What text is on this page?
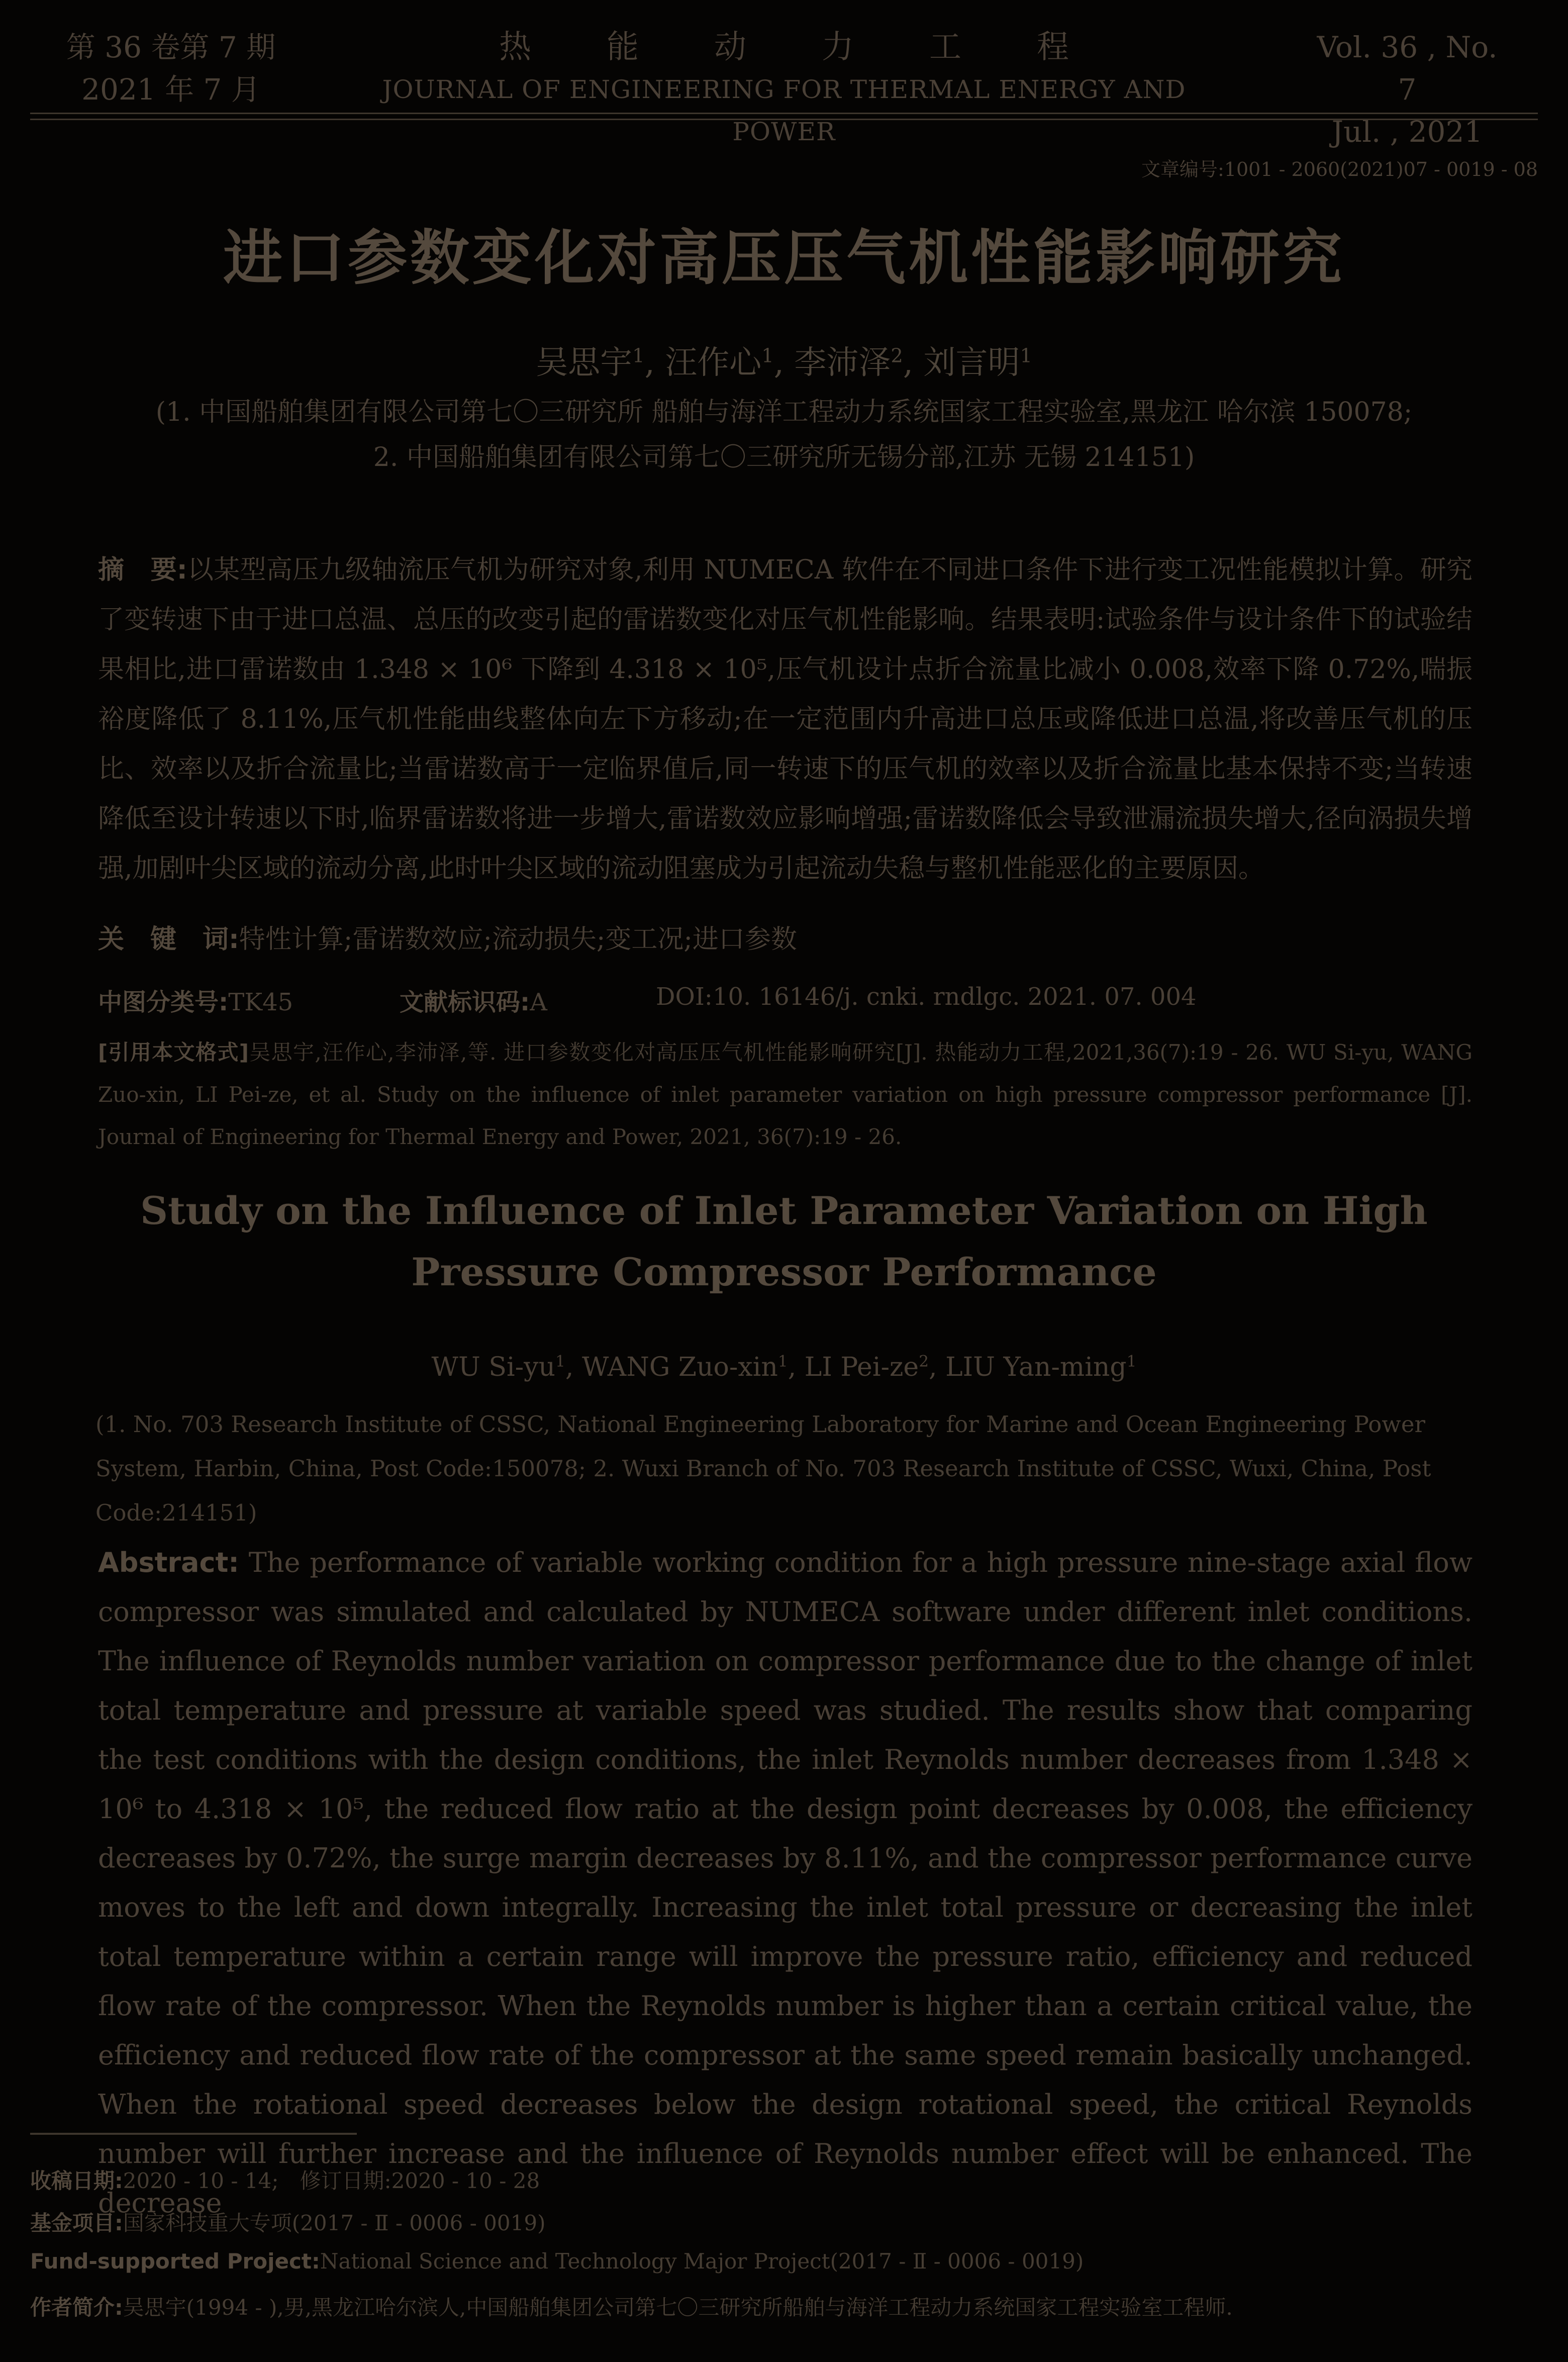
第 36 卷第 7 期
2021 年 7 月
热能动力工程
JOURNAL OF ENGINEERING FOR THERMAL ENERGY AND POWER
Vol. 36 , No. 7
Jul. , 2021
文章编号:1001 - 2060(2021)07 - 0019 - 08
进口参数变化对高压压气机性能影响研究
吴思宇$^1$, 汪作心$^1$, 李沛泽$^2$, 刘言明$^1$
(1. 中国船舶集团有限公司第七〇三研究所 船舶与海洋工程动力系统国家工程实验室,黑龙江 哈尔滨 150078;
2. 中国船舶集团有限公司第七〇三研究所无锡分部,江苏 无锡 214151)
摘　要:以某型高压九级轴流压气机为研究对象,利用 NUMECA 软件在不同进口条件下进行变工况性能模拟计算。研究了变转速下由于进口总温、总压的改变引起的雷诺数变化对压气机性能影响。结果表明:试验条件与设计条件下的试验结果相比,进口雷诺数由 1.348 × 10⁶ 下降到 4.318 × 10⁵,压气机设计点折合流量比减小 0.008,效率下降 0.72%,喘振裕度降低了 8.11%,压气机性能曲线整体向左下方移动;在一定范围内升高进口总压或降低进口总温,将改善压气机的压比、效率以及折合流量比;当雷诺数高于一定临界值后,同一转速下的压气机的效率以及折合流量比基本保持不变;当转速降低至设计转速以下时,临界雷诺数将进一步增大,雷诺数效应影响增强;雷诺数降低会导致泄漏流损失增大,径向涡损失增强,加剧叶尖区域的流动分离,此时叶尖区域的流动阻塞成为引起流动失稳与整机性能恶化的主要原因。
关　键　词:特性计算;雷诺数效应;流动损失;变工况;进口参数
中图分类号:TK45	文献标识码:A	DOI:10. 16146/j. cnki. rndlgc. 2021. 07. 004
[引用本文格式]吴思宇,汪作心,李沛泽,等. 进口参数变化对高压压气机性能影响研究[J]. 热能动力工程,2021,36(7):19 - 26. WU Si-yu, WANG Zuo-xin, LI Pei-ze, et al. Study on the influence of inlet parameter variation on high pressure compressor performance [J]. Journal of Engineering for Thermal Energy and Power, 2021, 36(7):19 - 26.
Study on the Influence of Inlet Parameter Variation on High
Pressure Compressor Performance
WU $Si-yu^1$, WANG Zuo-xin$^1$, LI Pei-$ze^2$, LIU Yan-ming$^1$
(1. No. 703 Research Institute of CSSC, National Engineering Laboratory for Marine and Ocean Engineering Power System, Harbin, China, Post Code:150078; 2. Wuxi Branch of No. 703 Research Institute of CSSC, Wuxi, China, Post Code:214151)
Abstract: The performance of variable working condition for a high pressure nine-stage axial flow compressor was simulated and calculated by NUMECA software under different inlet conditions. The influence of Reynolds number variation on compressor performance due to the change of inlet total temperature and pressure at variable speed was studied. The results show that comparing the test conditions with the design conditions, the inlet Reynolds number decreases from 1.348 × 10⁶ to 4.318 × 10⁵, the reduced flow ratio at the design point decreases by 0.008, the efficiency decreases by 0.72%, the surge margin decreases by 8.11%, and the compressor performance curve moves to the left and down integrally. Increasing the inlet total pressure or decreasing the inlet total temperature within a certain range will improve the pressure ratio, efficiency and reduced flow rate of the compressor. When the Reynolds number is higher than a certain critical value, the efficiency and reduced flow rate of the compressor at the same speed remain basically unchanged. When the rotational speed decreases below the design rotational speed, the critical Reynolds number will further increase and the influence of Reynolds number effect will be enhanced. The decrease
收稿日期:2020 - 10 - 14;　修订日期:2020 - 10 - 28
基金项目:国家科技重大专项(2017 - Ⅱ - 0006 - 0019)
Fund-supported Project:National Science and Technology Major Project(2017 - Ⅱ - 0006 - 0019)
作者简介:吴思宇(1994 - ),男,黑龙江哈尔滨人,中国船舶集团公司第七〇三研究所船舶与海洋工程动力系统国家工程实验室工程师.
